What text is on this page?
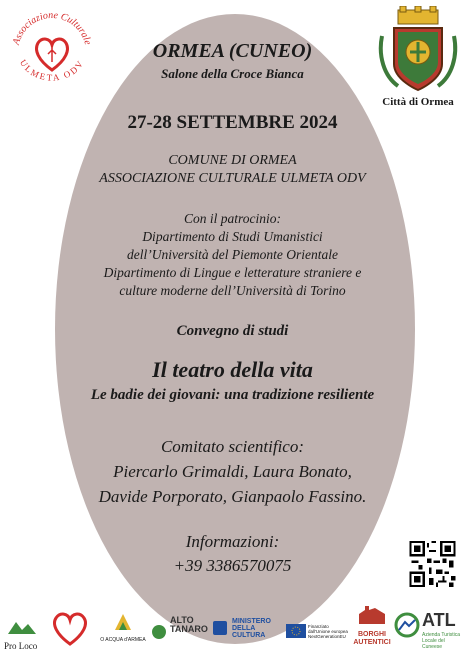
Associazione Culturale
ULMETA ODV
Città di Ormea
ORMEA (CUNEO)
Salone della Croce Bianca
27-28 SETTEMBRE 2024
COMUNE DI ORMEA
ASSOCIAZIONE CULTURALE ULMETA ODV
Con il patrocinio:
Dipartimento di Studi Umanistici
dell’Università del Piemonte Orientale
Dipartimento di Lingue e letterature straniere e
culture moderne dell’Università di Torino
Convegno di studi
Il teatro della vita
Le badie dei giovani: una tradizione resiliente
Comitato scientifico:
Piercarlo Grimaldi, Laura Bonato,
Davide Porporato, Gianpaolo Fassino.
Informazioni:
+39 3386570075
Pro Loco
O ACQUA d'ARMEA
ALTO
TANARO
MINISTERO
DELLA
CULTURA
Finanziato
dall'Unione europea
NextGenerationEU	BORGHI
AUTENTICI
ATL
Azienda Turistica
Locale del Cuneese
